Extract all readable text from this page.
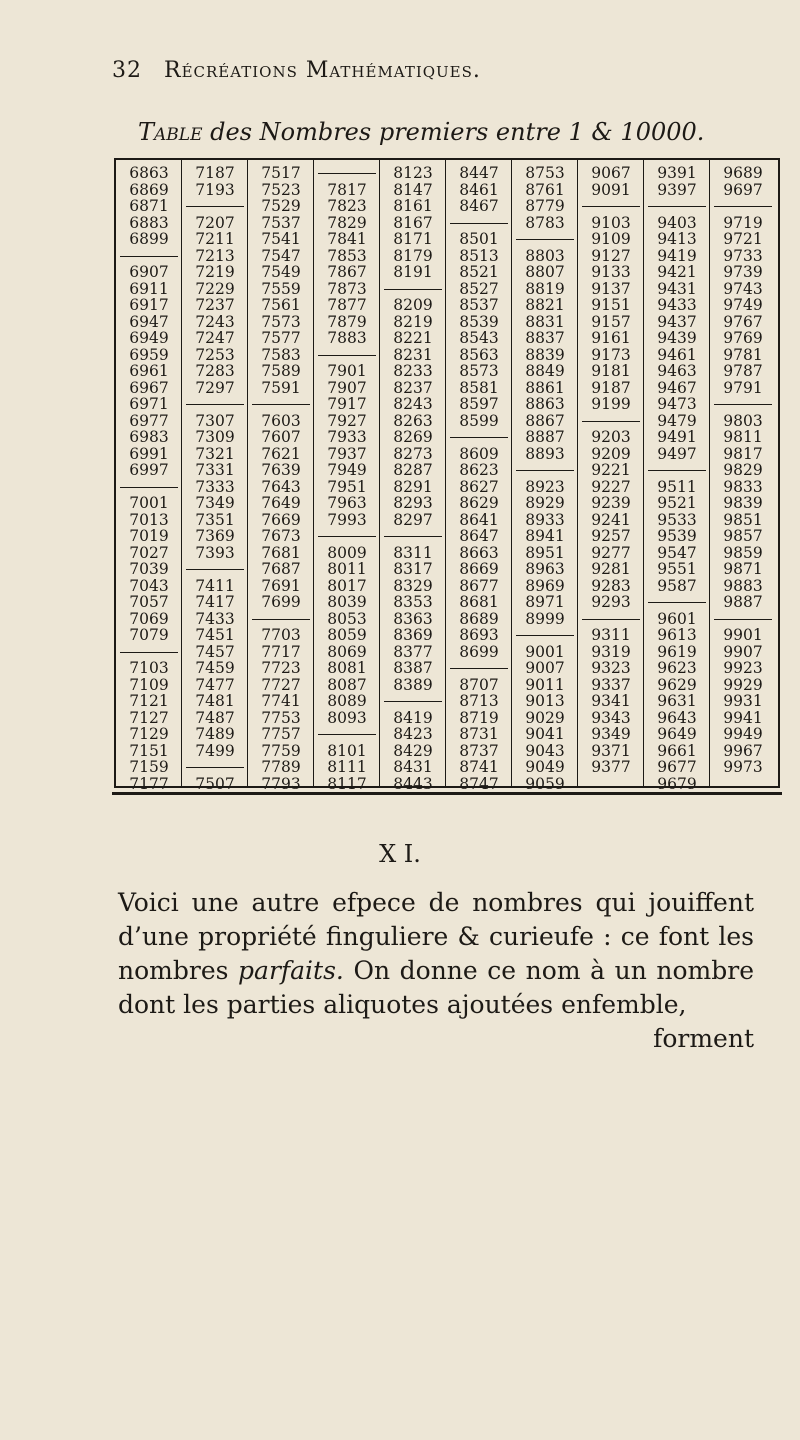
32 Récréations Mathématiques.
Table des Nombres premiers entre 1 & 10000.
6863
6869
6871
6883
6899
6907
6911
6917
6947
6949
6959
6961
6967
6971
6977
6983
6991
6997
7001
7013
7019
7027
7039
7043
7057
7069
7079
7103
7109
7121
7127
7129
7151
7159
7177
7187
7193
7207
7211
7213
7219
7229
7237
7243
7247
7253
7283
7297
7307
7309
7321
7331
7333
7349
7351
7369
7393
7411
7417
7433
7451
7457
7459
7477
7481
7487
7489
7499
7507
7517
7523
7529
7537
7541
7547
7549
7559
7561
7573
7577
7583
7589
7591
7603
7607
7621
7639
7643
7649
7669
7673
7681
7687
7691
7699
7703
7717
7723
7727
7741
7753
7757
7759
7789
7793
7817
7823
7829
7841
7853
7867
7873
7877
7879
7883
7901
7907
7917
7927
7933
7937
7949
7951
7963
7993
8009
8011
8017
8039
8053
8059
8069
8081
8087
8089
8093
8101
8111
8117
8123
8147
8161
8167
8171
8179
8191
8209
8219
8221
8231
8233
8237
8243
8263
8269
8273
8287
8291
8293
8297
8311
8317
8329
8353
8363
8369
8377
8387
8389
8419
8423
8429
8431
8443
8447
8461
8467
8501
8513
8521
8527
8537
8539
8543
8563
8573
8581
8597
8599
8609
8623
8627
8629
8641
8647
8663
8669
8677
8681
8689
8693
8699
8707
8713
8719
8731
8737
8741
8747
8753
8761
8779
8783
8803
8807
8819
8821
8831
8837
8839
8849
8861
8863
8867
8887
8893
8923
8929
8933
8941
8951
8963
8969
8971
8999
9001
9007
9011
9013
9029
9041
9043
9049
9059
9067
9091
9103
9109
9127
9133
9137
9151
9157
9161
9173
9181
9187
9199
9203
9209
9221
9227
9239
9241
9257
9277
9281
9283
9293
9311
9319
9323
9337
9341
9343
9349
9371
9377
9391
9397
9403
9413
9419
9421
9431
9433
9437
9439
9461
9463
9467
9473
9479
9491
9497
9511
9521
9533
9539
9547
9551
9587
9601
9613
9619
9623
9629
9631
9643
9649
9661
9677
9679
9689
9697
9719
9721
9733
9739
9743
9749
9767
9769
9781
9787
9791
9803
9811
9817
9829
9833
9839
9851
9857
9859
9871
9883
9887
9901
9907
9923
9929
9931
9941
9949
9967
9973
X I.
Voici une autre efpece de nombres qui jouiffent d’une propriété finguliere & curieufe : ce font les nombres parfaits. On donne ce nom à un nombre dont les parties aliquotes ajoutées enfemble,
forment
